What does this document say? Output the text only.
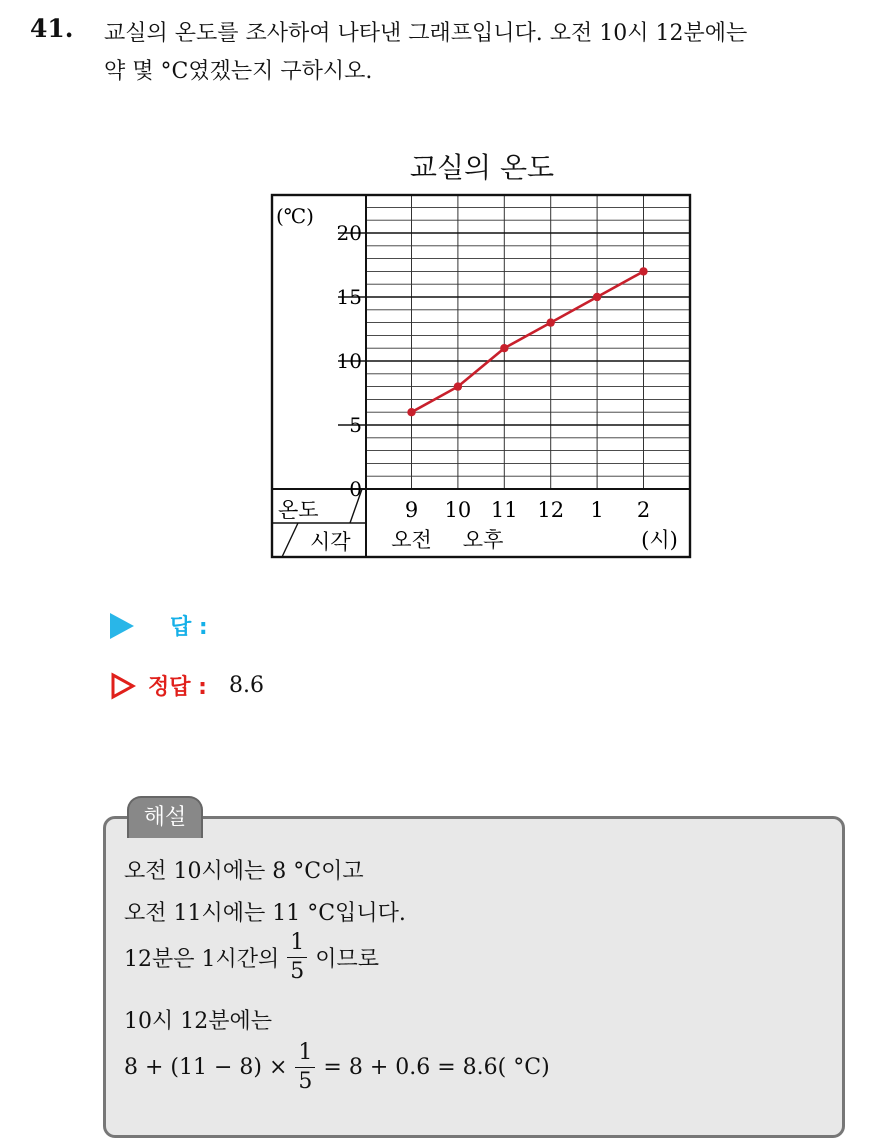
41. 교실의 온도를 조사하여 나타낸 그래프입니다. 오전 10시 12분에는
약 몇 °C였겠는지 구하시오.
교실의 온도
(℃)
0
5
10
15
20
9 10 11 12 1 2
오전 오후	(시)
온도
시각
답 :
정답 : 8.6
해설
오전 10시에는 8 °C이고
오전 11시에는 11 °C입니다.
12분은 1시간의 $\frac{1}{5}$ 이므로
10시 12분에는
$8 + (11 - 8) \times \frac{1}{5} = 8 + 0.6 = 8.6$( °C)
